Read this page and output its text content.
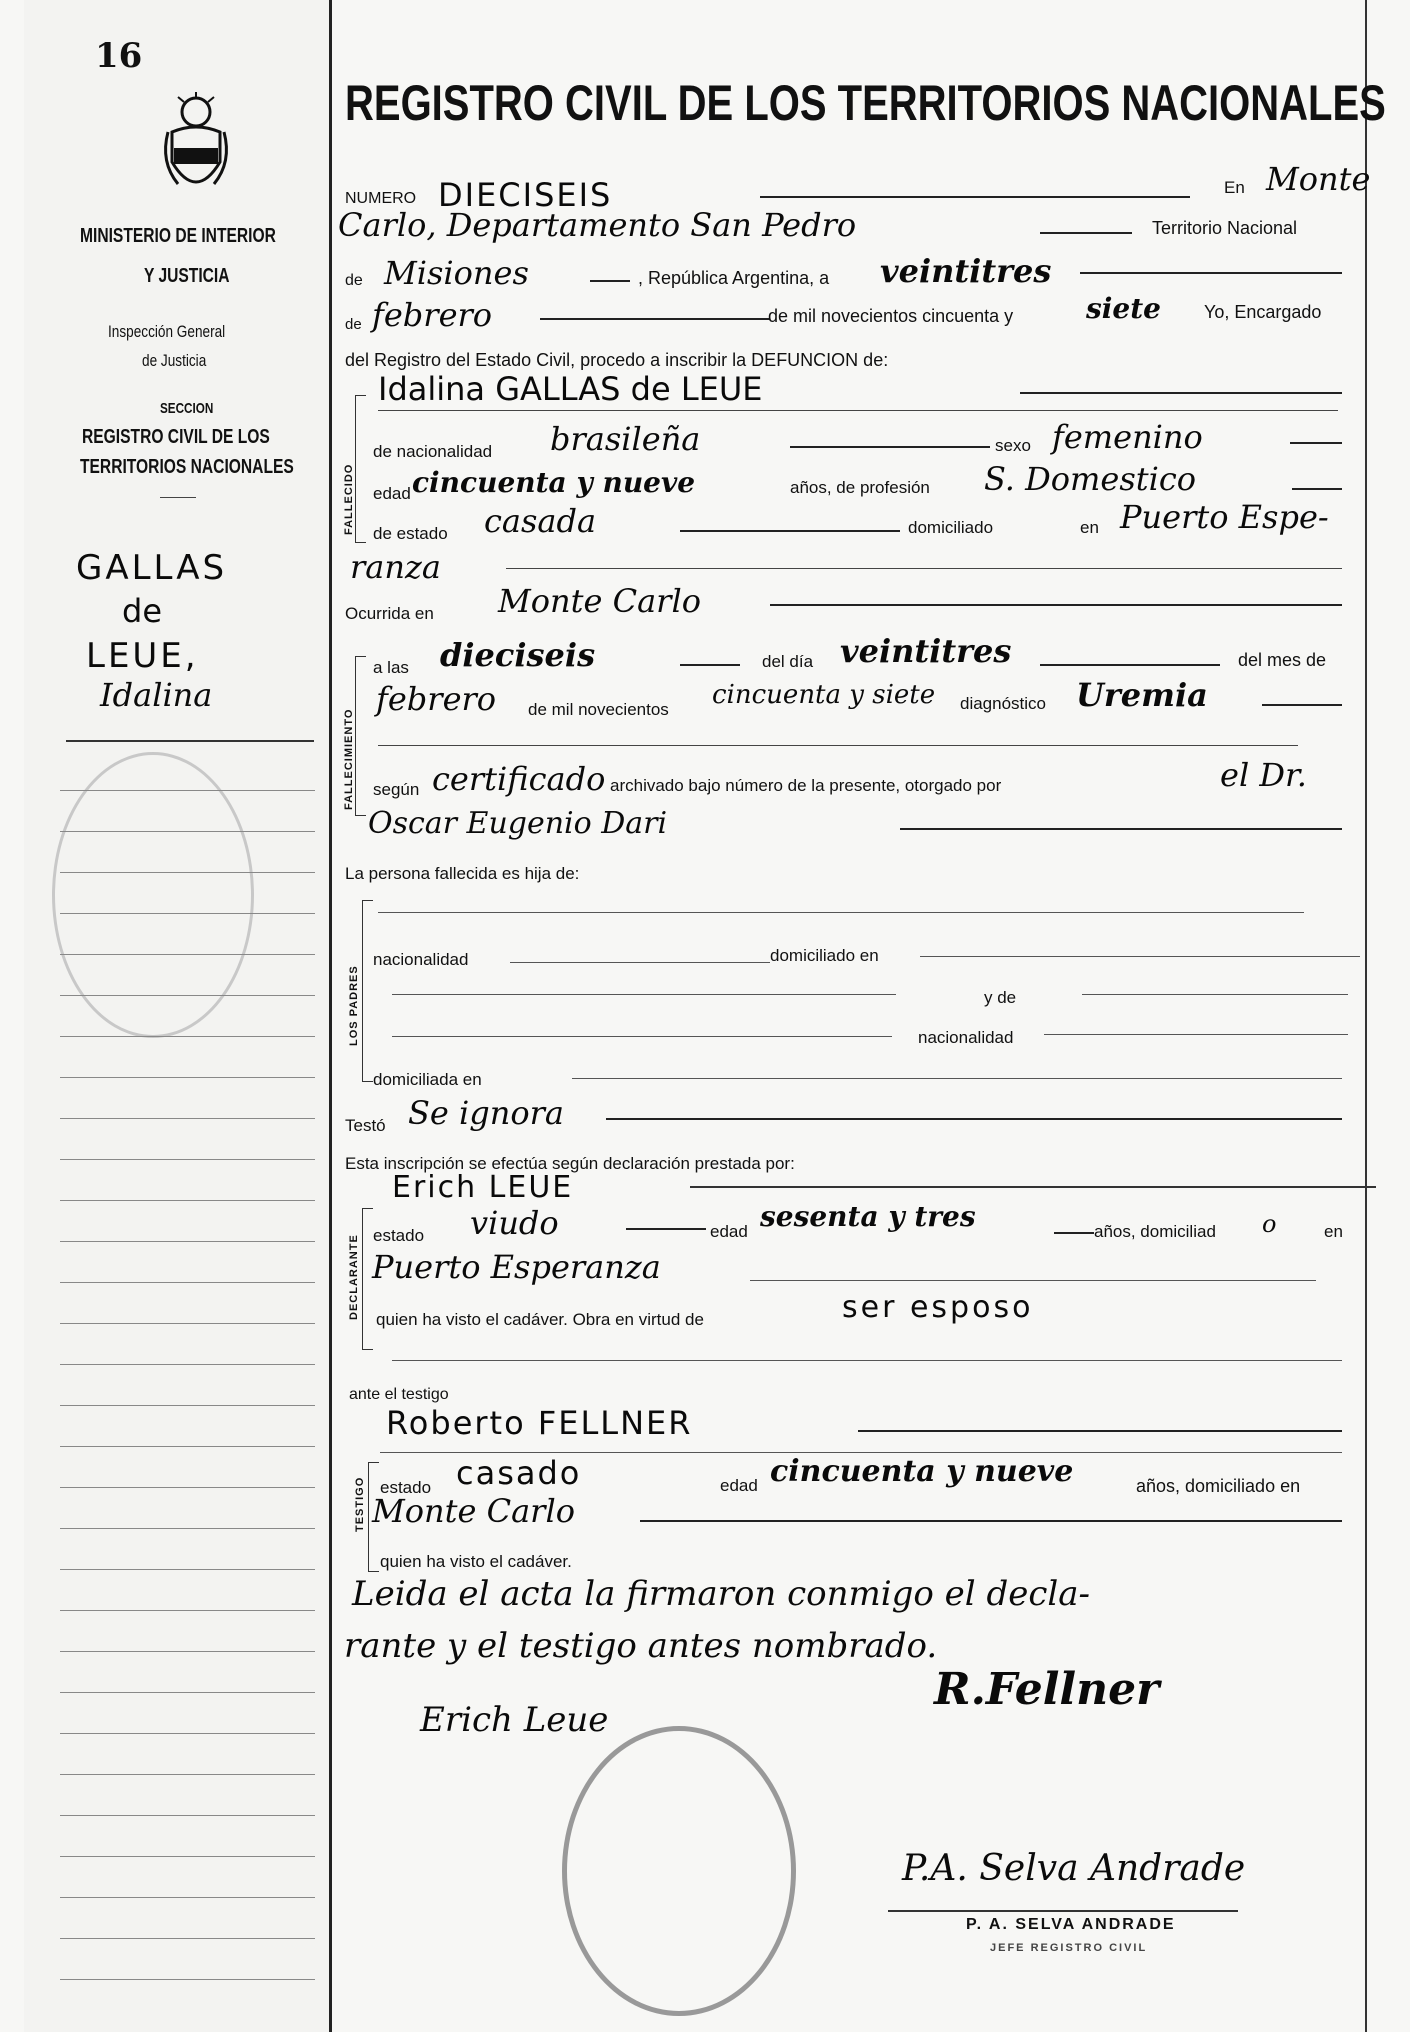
16
MINISTERIO DE INTERIOR
Y JUSTICIA
Inspección General
de Justicia
SECCION
REGISTRO CIVIL DE LOS
TERRITORIOS NACIONALES
GALLAS
de
LEUE,
Idalina
REGISTRO CIVIL DE LOS TERRITORIOS NACIONALES
NUMERO DIECISEIS	En Monte
Carlo, Departamento San Pedro	Territorio Nacional
de Misiones	, República Argentina, a veintitres
de febrero	de mil novecientos cincuenta y	siete Yo, Encargado
del Registro del Estado Civil, procedo a inscribir la DEFUNCION de:
FALLECIDO
Idalina GALLAS de LEUE
de nacionalidad brasileña	sexo femenino
edad cincuenta y nueve	años, de profesión S. Domestico
de estado casada	domiciliado	en Puerto Espe-
ranza
Ocurrida en Monte Carlo
FALLECIMIENTO
a las dieciseis	del día veintitres	del mes de
febrero de mil novecientos cincuenta y siete diagnóstico Uremia
según certificado archivado bajo número de la presente, otorgado por	el Dr.
Oscar Eugenio Dari
La persona fallecida es hija de:
LOS PADRES
nacionalidad	domiciliado en
y de
nacionalidad
domiciliada en
Testó Se ignora
Esta inscripción se efectúa según declaración prestada por:
Erich LEUE
DECLARANTE estado viudo	edad sesenta y tres	años, domiciliad o	en
Puerto Esperanza
quien ha visto el cadáver. Obra en virtud de	ser esposo
ante el testigo
Roberto FELLNER
TESTIGO estado casado	edad cincuenta y nueve	años, domiciliado en
Monte Carlo
quien ha visto el cadáver.
Leida el acta la firmaron conmigo el decla-
rante y el testigo antes nombrado.
Erich Leue
R.Fellner
P.A. Selva Andrade
P. A. SELVA ANDRADE
JEFE REGISTRO CIVIL
